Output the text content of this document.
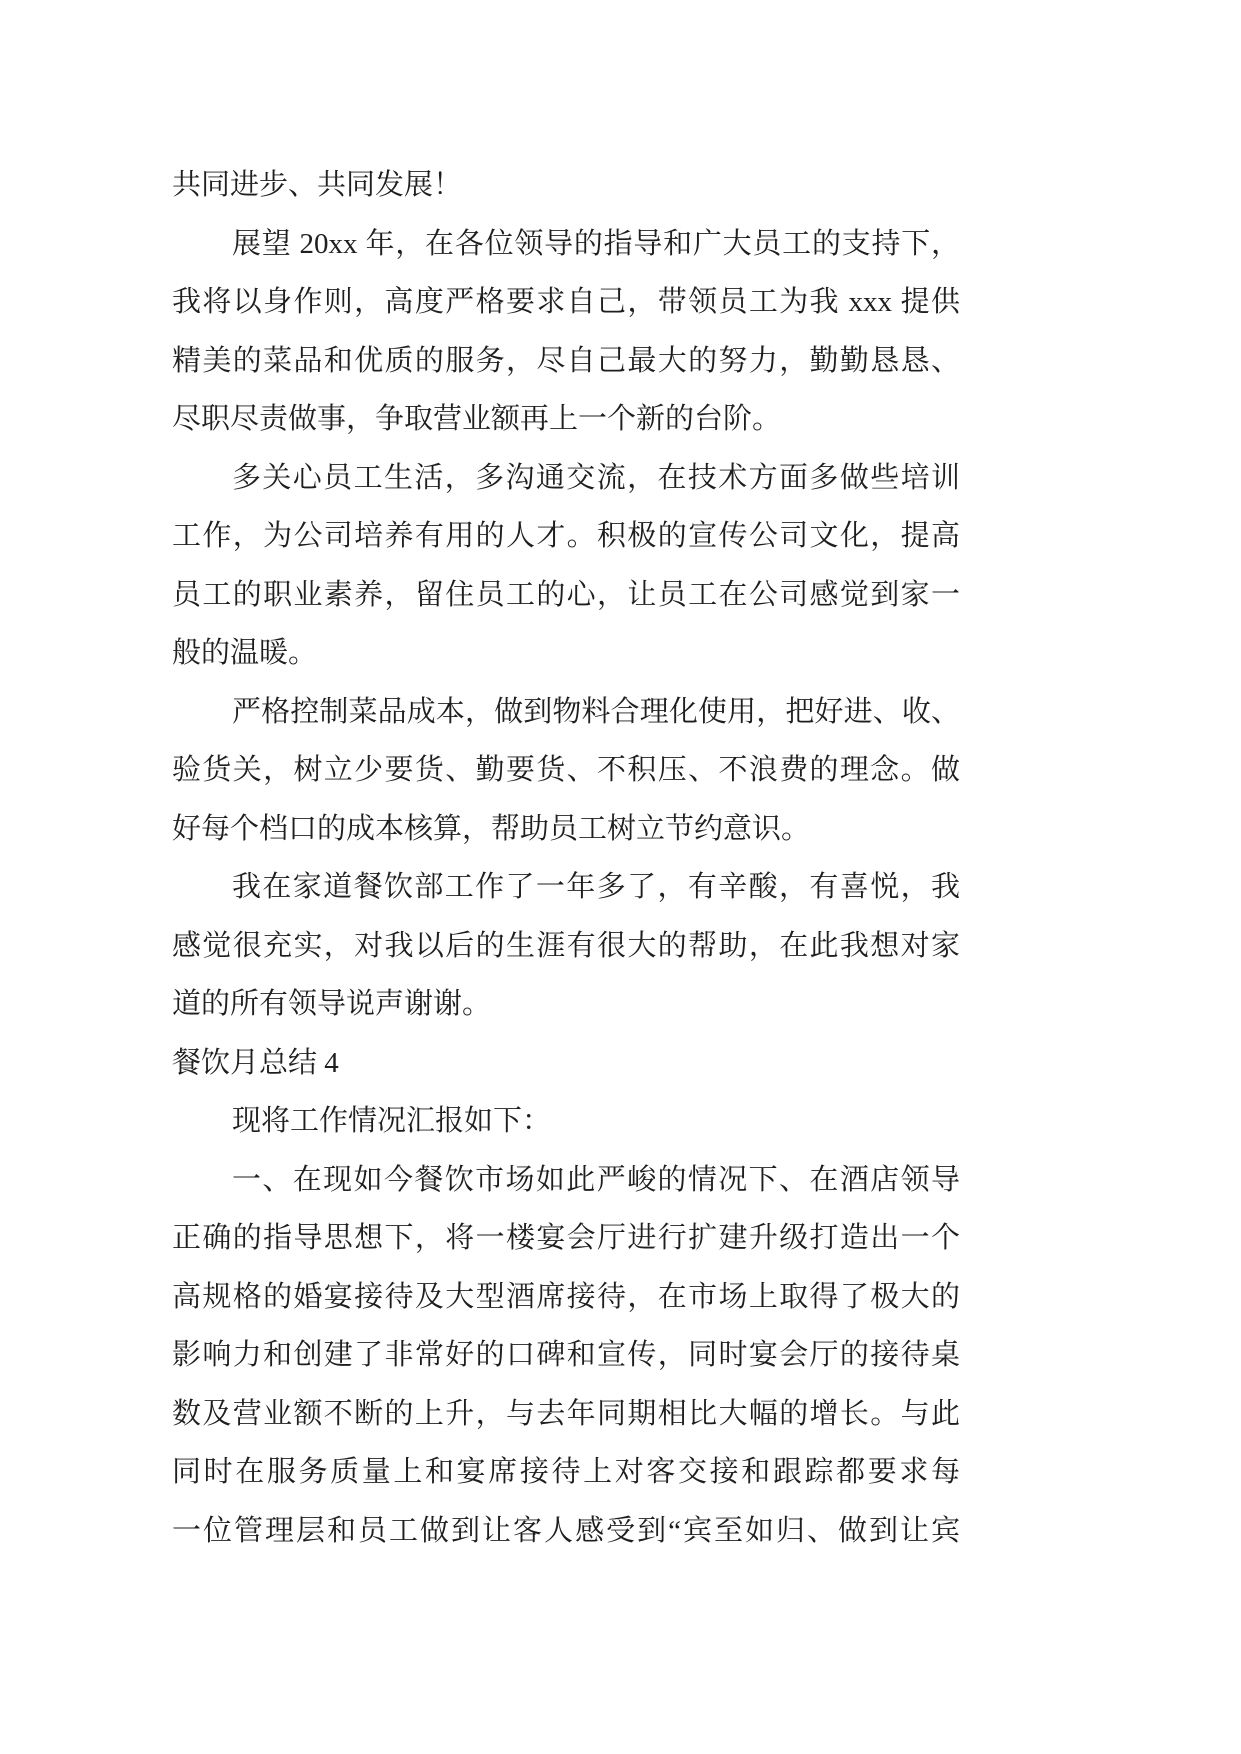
共同进步、共同发展！
展望 20xx 年，在各位领导的指导和广大员工的支持下，
我将以身作则，高度严格要求自己，带领员工为我 xxx 提供
精美的菜品和优质的服务，尽自己最大的努力，勤勤恳恳、
尽职尽责做事，争取营业额再上一个新的台阶。
多关心员工生活，多沟通交流，在技术方面多做些培训
工作，为公司培养有用的人才。积极的宣传公司文化，提高
员工的职业素养，留住员工的心，让员工在公司感觉到家一
般的温暖。
严格控制菜品成本，做到物料合理化使用，把好进、收、
验货关，树立少要货、勤要货、不积压、不浪费的理念。做
好每个档口的成本核算，帮助员工树立节约意识。
我在家道餐饮部工作了一年多了，有辛酸，有喜悦，我
感觉很充实，对我以后的生涯有很大的帮助，在此我想对家
道的所有领导说声谢谢。
餐饮月总结 4
现将工作情况汇报如下：
一、在现如今餐饮市场如此严峻的情况下、在酒店领导
正确的指导思想下，将一楼宴会厅进行扩建升级打造出一个
高规格的婚宴接待及大型酒席接待，在市场上取得了极大的
影响力和创建了非常好的口碑和宣传，同时宴会厅的接待桌
数及营业额不断的上升，与去年同期相比大幅的增长。与此
同时在服务质量上和宴席接待上对客交接和跟踪都要求每
一位管理层和员工做到让客人感受到“宾至如归、做到让宾
